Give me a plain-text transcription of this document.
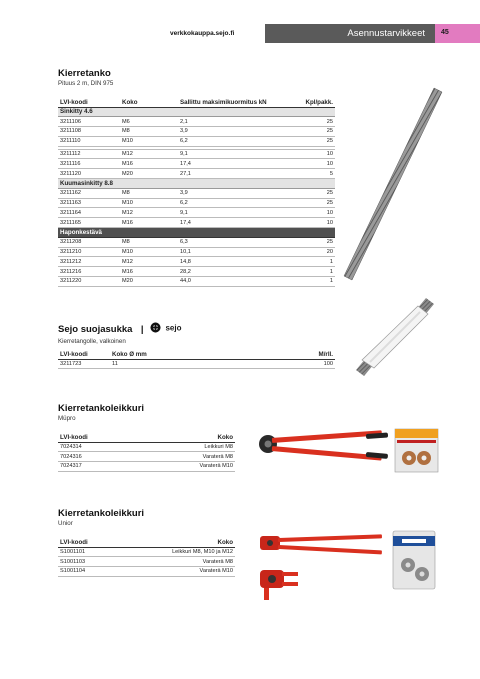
verkkokauppa.sejo.fi	Asennustarvikkeet 45
Kierretanko
Pituus 2 m, DIN 975
LVI-koodi	Koko	Sallittu maksimikuormitus kN	Kpl/pakk.
Sinkitty 4.6			
3211106	M6	2,1	25
3211108	M8	3,9	25
3211110	M10	6,2	25

3211112	M12	9,1	10
3211116	M16	17,4	10
3211120	M20	27,1	5
Kuumasinkitty 8.8			
3211162	M8	3,9	25
3211163	M10	6,2	25
3211164	M12	9,1	10
3211165	M16	17,4	10
Haponkestävä			
3211208	M8	6,3	25
3211210	M10	10,1	20
3211212	M12	14,8	1
3211216	M16	28,2	1
3211220	M20	44,0	1
Sejo suojasukka |	sejo
Kierretangolle, valkoinen
LVI-koodi	Koko Ø mm	M/rll.
3211723	11	100
Kierretankoleikkuri
Müpro
LVI-koodi	Koko
7024314	Leikkuri M8
7024316	Varaterä M8
7024317	Varaterä M10
Kierretankoleikkuri
Unior
LVI-koodi	Koko
S1001101	Leikkuri M8, M10 ja M12
S1001103	Varaterä M8
S1001104	Varaterä M10
